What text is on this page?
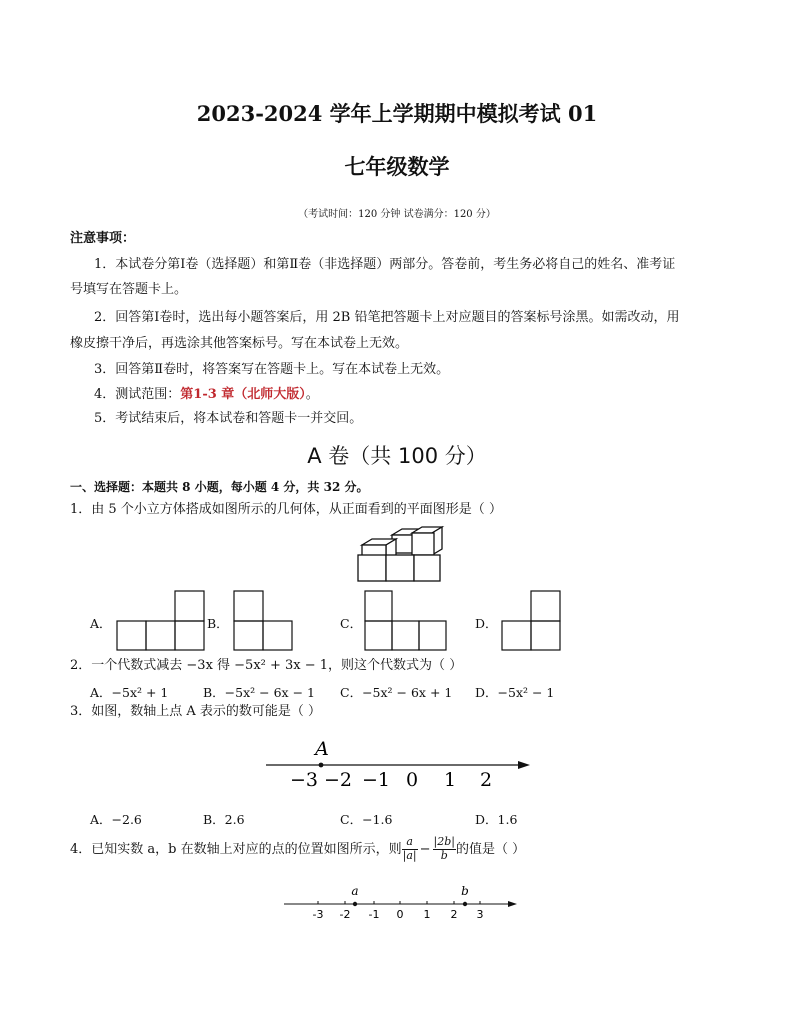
2023-2024 学年上学期期中模拟考试 01
七年级数学
（考试时间：120 分钟 试卷满分：120 分）
注意事项：
1．本试卷分第Ⅰ卷（选择题）和第Ⅱ卷（非选择题）两部分。答卷前，考生务必将自己的姓名、准考证
号填写在答题卡上。
2．回答第Ⅰ卷时，选出每小题答案后，用 2B 铅笔把答题卡上对应题目的答案标号涂黑。如需改动，用
橡皮擦干净后，再选涂其他答案标号。写在本试卷上无效。
3．回答第Ⅱ卷时，将答案写在答题卡上。写在本试卷上无效。
4．测试范围：第1-3 章（北师大版）。
5．考试结束后，将本试卷和答题卡一并交回。
A 卷（共 100 分）
一、选择题：本题共 8 小题，每小题 4 分，共 32 分。
1．由 5 个小立方体搭成如图所示的几何体，从正面看到的平面图形是（ ）
A．	B．	C．	D．
2．一个代数式减去 −3x 得 −5x² + 3x − 1，则这个代数式为（ ）
A．−5x² + 1	B．−5x² − 6x − 1 C．−5x² − 6x + 1 D．−5x² − 1
3．如图，数轴上点 A 表示的数可能是（ ）
A
−3 −2 −1 0 1 2
A．−2.6	B．2.6	C．−1.6	D．1.6
4．已知实数 a，b 在数轴上对应的点的位置如图所示，则 $\frac{a}{|a|} - \frac{|2b|}{b}$ 的值是（ ）
a	b
-3 -2 -1 0 1 2 3
